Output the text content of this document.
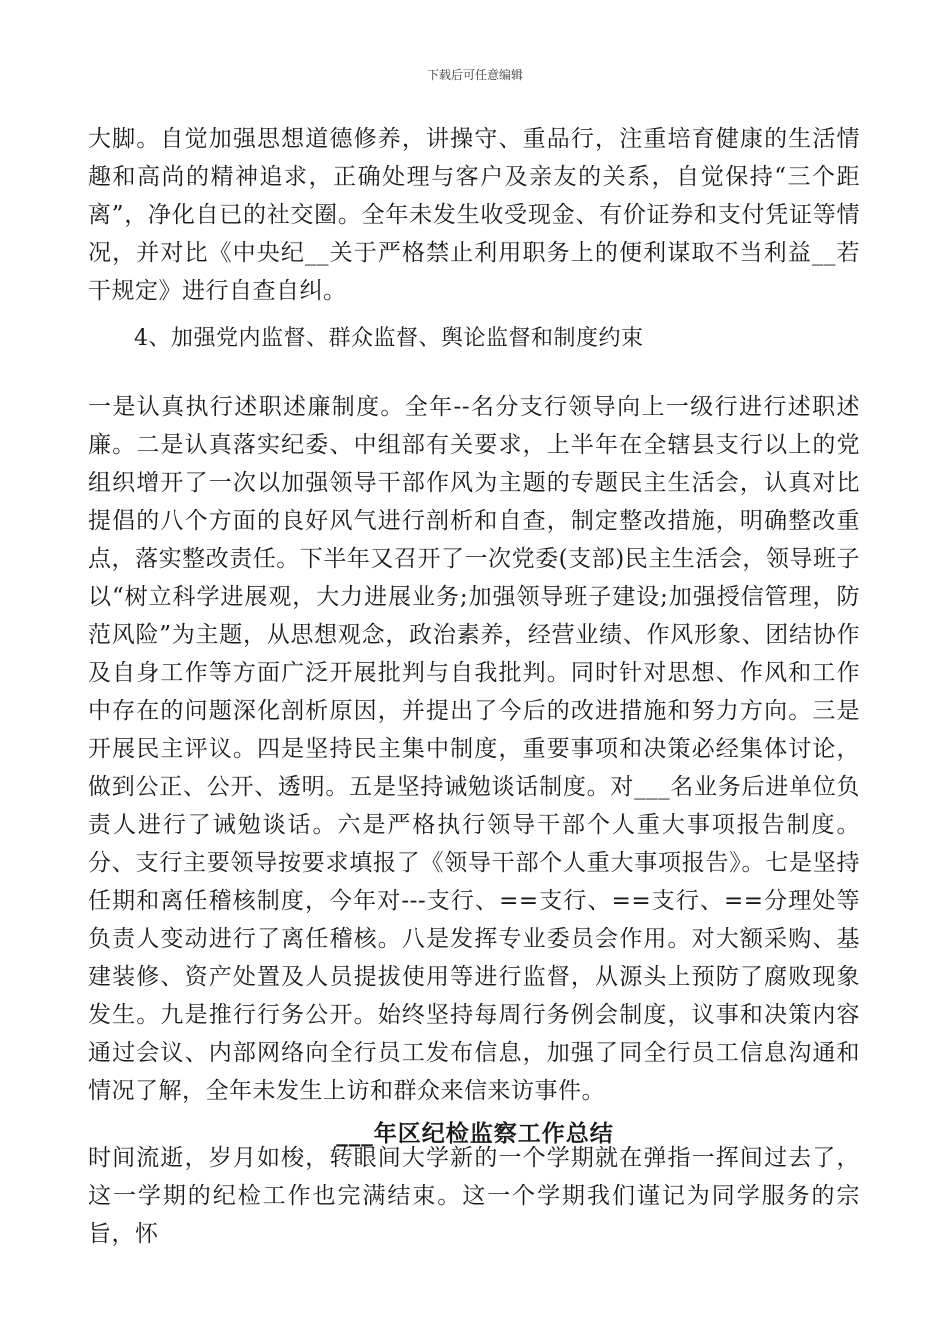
下载后可任意编辑

大脚。自觉加强思想道德修养，讲操守、重品行，注重培育健康的生活情趣和高尚的精神追求，正确处理与客户及亲友的关系，自觉保持“三个距离”，净化自已的社交圈。全年未发生收受现金、有价证券和支付凭证等情况，并对比《中央纪__关于严格禁止利用职务上的便利谋取不当利益__若干规定》进行自查自纠。

4、加强党内监督、群众监督、舆论监督和制度约束

一是认真执行述职述廉制度。全年--名分支行领导向上一级行进行述职述廉。二是认真落实纪委、中组部有关要求，上半年在全辖县支行以上的党组织增开了一次以加强领导干部作风为主题的专题民主生活会，认真对比提倡的八个方面的良好风气进行剖析和自查，制定整改措施，明确整改重点，落实整改责任。下半年又召开了一次党委(支部)民主生活会，领导班子以“树立科学进展观，大力进展业务;加强领导班子建设;加强授信管理，防范风险”为主题，从思想观念，政治素养，经营业绩、作风形象、团结协作及自身工作等方面广泛开展批判与自我批判。同时针对思想、作风和工作中存在的问题深化剖析原因，并提出了今后的改进措施和努力方向。三是开展民主评议。四是坚持民主集中制度，重要事项和决策必经集体讨论，做到公正、公开、透明。五是坚持诫勉谈话制度。对___名业务后进单位负责人进行了诫勉谈话。六是严格执行领导干部个人重大事项报告制度。分、支行主要领导按要求填报了《领导干部个人重大事项报告》。七是坚持任期和离任稽核制度，今年对---支行、==支行、==支行、==分理处等负责人变动进行了离任稽核。八是发挥专业委员会作用。对大额采购、基建装修、资产处置及人员提拔使用等进行监督，从源头上预防了腐败现象发生。九是推行行务公开。始终坚持每周行务例会制度，议事和决策内容通过会议、内部网络向全行员工发布信息，加强了同全行员工信息沟通和情况了解，全年未发生上访和群众来信来访事件。

___年区纪检监察工作总结

时间流逝，岁月如梭，转眼间大学新的一个学期就在弹指一挥间过去了，这一学期的纪检工作也完满结束。这一个学期我们谨记为同学服务的宗旨，怀
